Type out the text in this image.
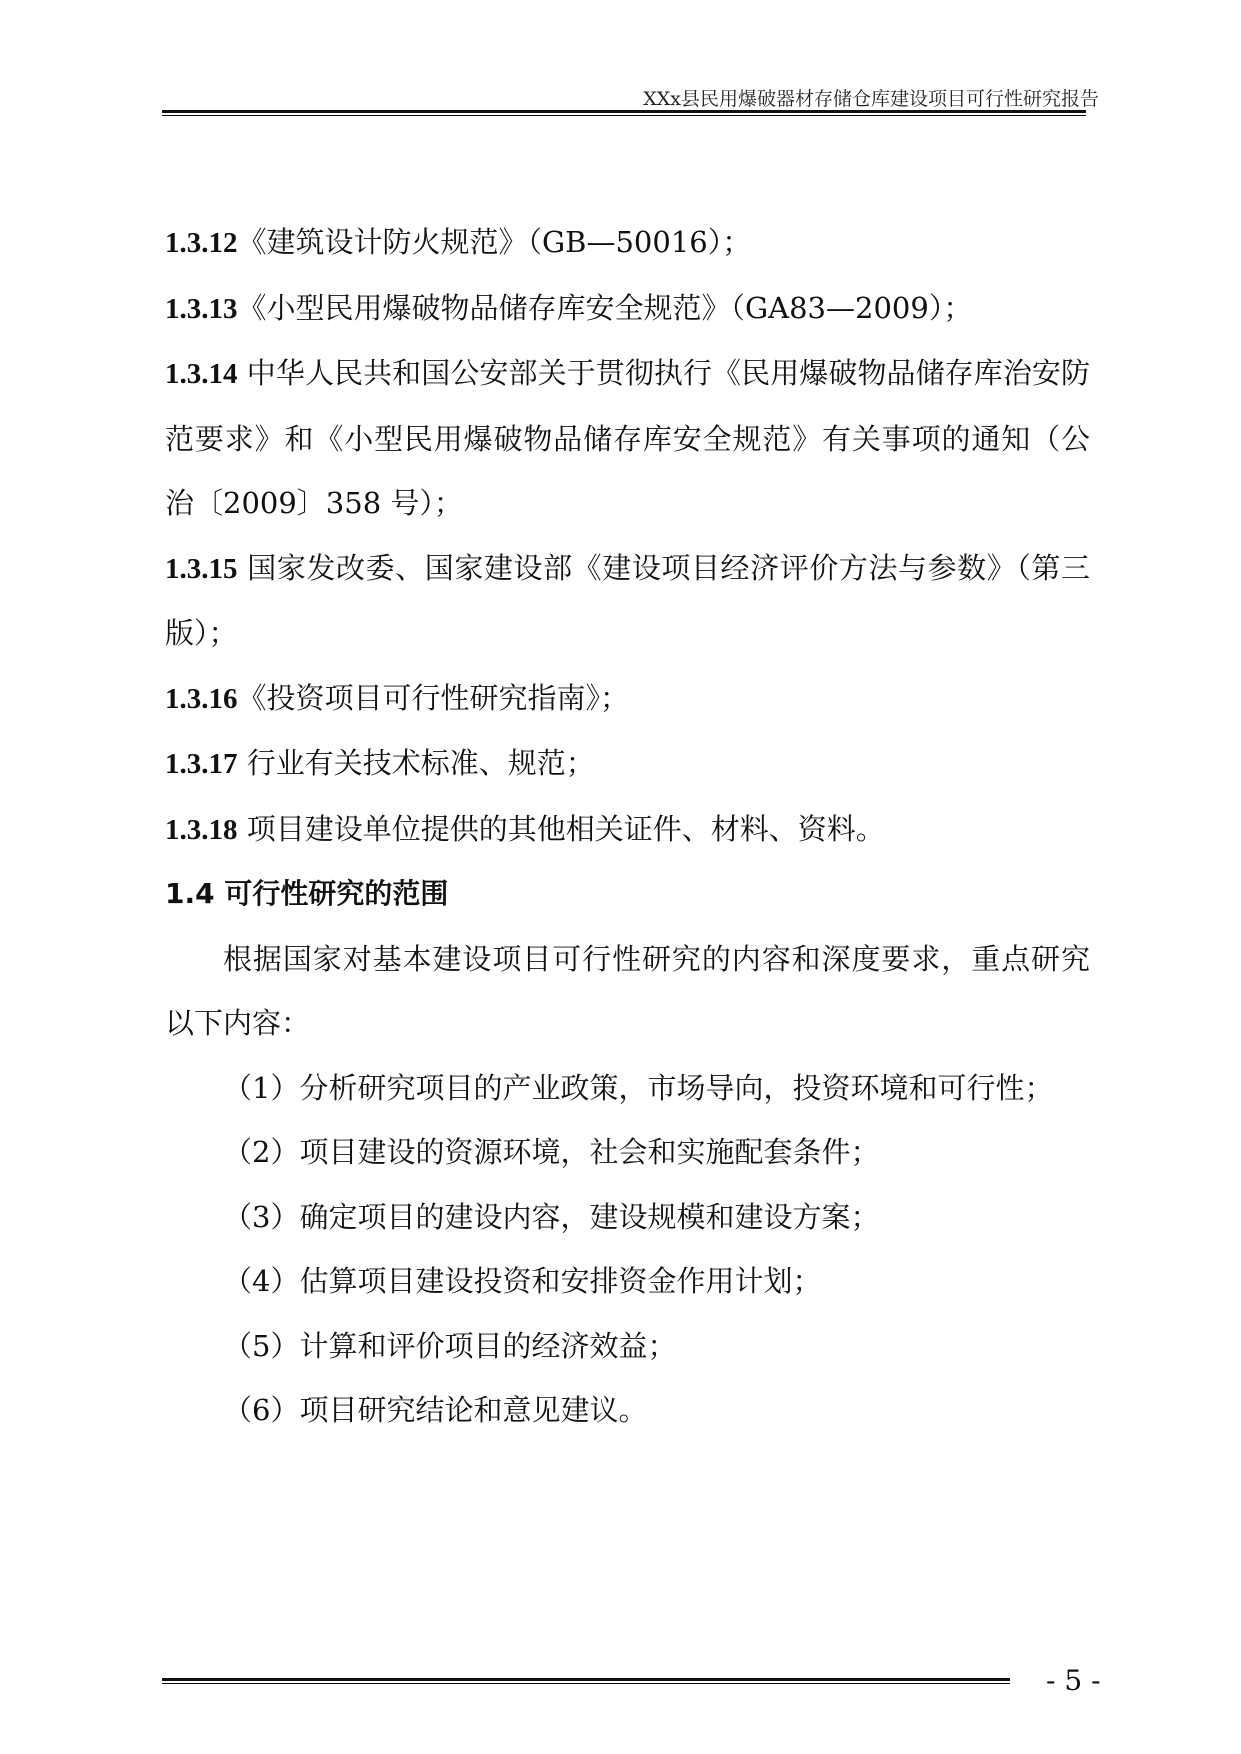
XXx县民用爆破器材存储仓库建设项目可行性研究报告

1.3.12《建筑设计防火规范》（GB—50016）；

1.3.13《小型民用爆破物品储存库安全规范》（GA83—2009）；

1.3.14 中华人民共和国公安部关于贯彻执行《民用爆破物品储存库治安防范要求》和《小型民用爆破物品储存库安全规范》有关事项的通知（公治〔2009〕358 号）；

1.3.15 国家发改委、国家建设部《建设项目经济评价方法与参数》（第三版）；

1.3.16《投资项目可行性研究指南》；

1.3.17 行业有关技术标准、规范；

1.3.18 项目建设单位提供的其他相关证件、材料、资料。

1.4 可行性研究的范围

根据国家对基本建设项目可行性研究的内容和深度要求，重点研究以下内容：

（1）分析研究项目的产业政策，市场导向，投资环境和可行性；

（2）项目建设的资源环境，社会和实施配套条件；

（3）确定项目的建设内容，建设规模和建设方案；

（4）估算项目建设投资和安排资金作用计划；

（5）计算和评价项目的经济效益；

（6）项目研究结论和意见建议。

- 5 -
